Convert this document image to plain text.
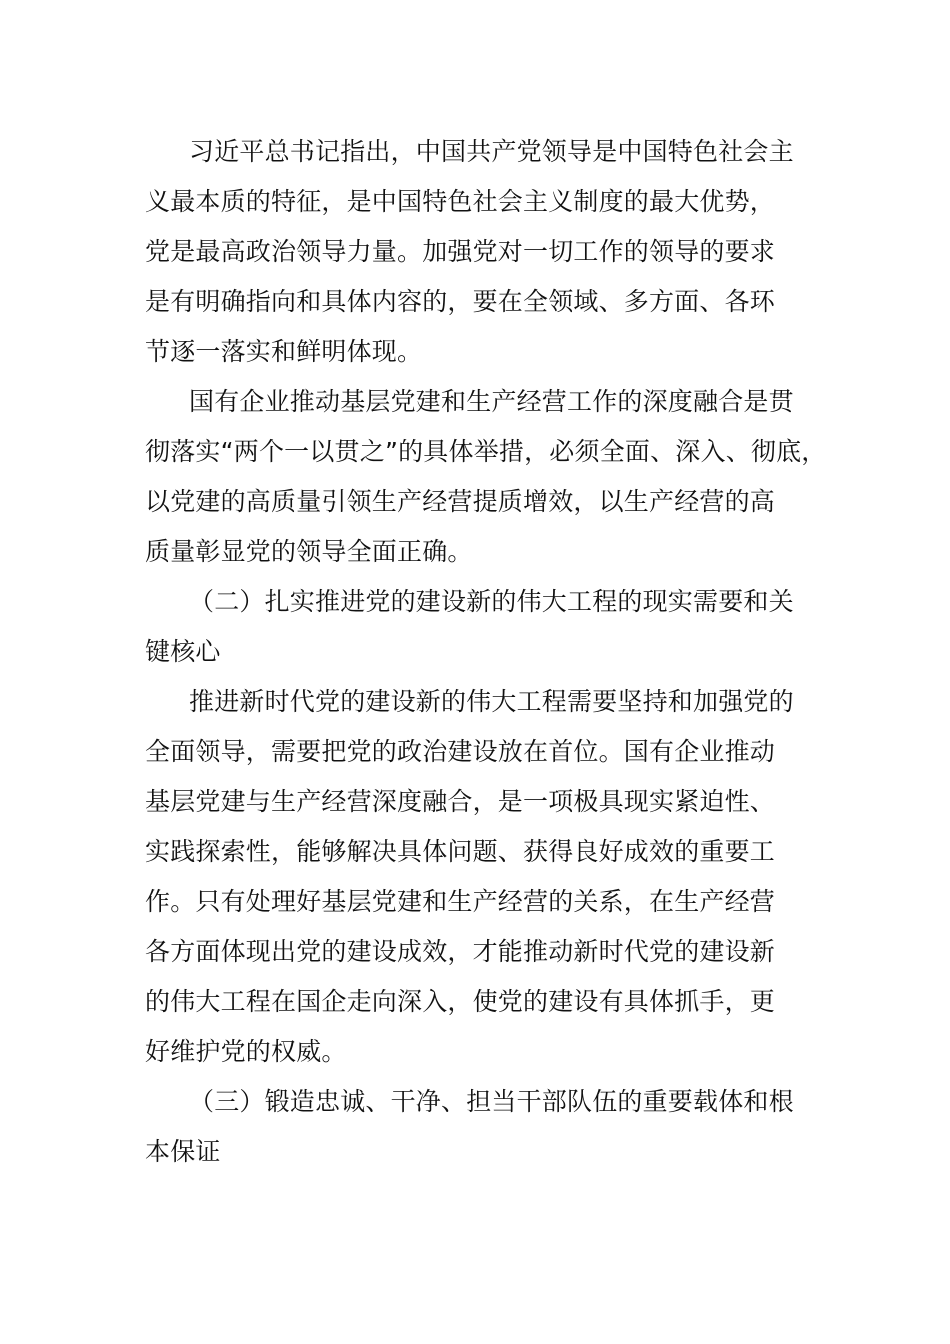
习近平总书记指出，中国共产党领导是中国特色社会主
义最本质的特征，是中国特色社会主义制度的最大优势，
党是最高政治领导力量。加强党对一切工作的领导的要求
是有明确指向和具体内容的，要在全领域、多方面、各环
节逐一落实和鲜明体现。
国有企业推动基层党建和生产经营工作的深度融合是贯
彻落实“两个一以贯之”的具体举措，必须全面、深入、彻底，
以党建的高质量引领生产经营提质增效，以生产经营的高
质量彰显党的领导全面正确。
（二）扎实推进党的建设新的伟大工程的现实需要和关
键核心
推进新时代党的建设新的伟大工程需要坚持和加强党的
全面领导，需要把党的政治建设放在首位。国有企业推动
基层党建与生产经营深度融合，是一项极具现实紧迫性、
实践探索性，能够解决具体问题、获得良好成效的重要工
作。只有处理好基层党建和生产经营的关系，在生产经营
各方面体现出党的建设成效，才能推动新时代党的建设新
的伟大工程在国企走向深入，使党的建设有具体抓手，更
好维护党的权威。
（三）锻造忠诚、干净、担当干部队伍的重要载体和根
本保证
